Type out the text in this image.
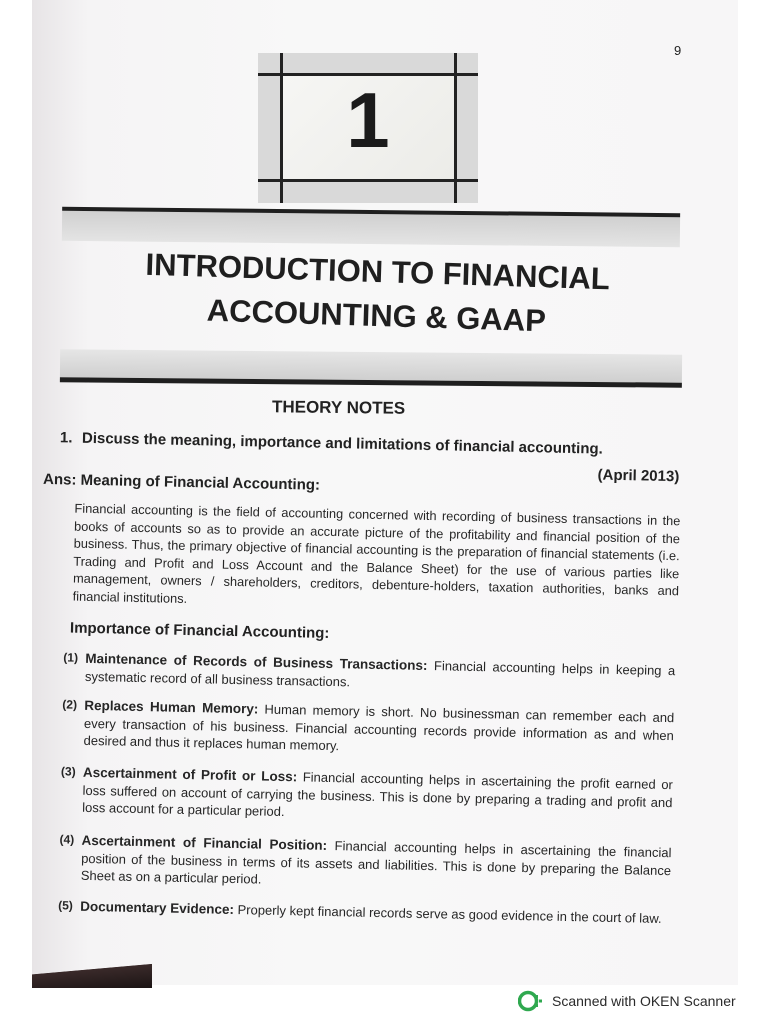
9
1
INTRODUCTION TO FINANCIAL
ACCOUNTING & GAAP
THEORY NOTES
1. Discuss the meaning, importance and limitations of financial accounting.
(April 2013)
Ans: Meaning of Financial Accounting:
Financial accounting is the field of accounting concerned with recording of business transactions in the books of accounts so as to provide an accurate picture of the profitability and financial position of the business. Thus, the primary objective of financial accounting is the preparation of financial statements (i.e. Trading and Profit and Loss Account and the Balance Sheet) for the use of various parties like management, owners / shareholders, creditors, debenture-holders, taxation authorities, banks and financial institutions.
Importance of Financial Accounting:
(1) Maintenance of Records of Business Transactions: Financial accounting helps in keeping a systematic record of all business transactions.
(2) Replaces Human Memory: Human memory is short. No businessman can remember each and every transaction of his business. Financial accounting records provide information as and when desired and thus it replaces human memory.
(3) Ascertainment of Profit or Loss: Financial accounting helps in ascertaining the profit earned or loss suffered on account of carrying the business. This is done by preparing a trading and profit and loss account for a particular period.
(4) Ascertainment of Financial Position: Financial accounting helps in ascertaining the financial position of the business in terms of its assets and liabilities. This is done by preparing the Balance Sheet as on a particular period.
(5) Documentary Evidence: Properly kept financial records serve as good evidence in the court of law.
Scanned with OKEN Scanner
